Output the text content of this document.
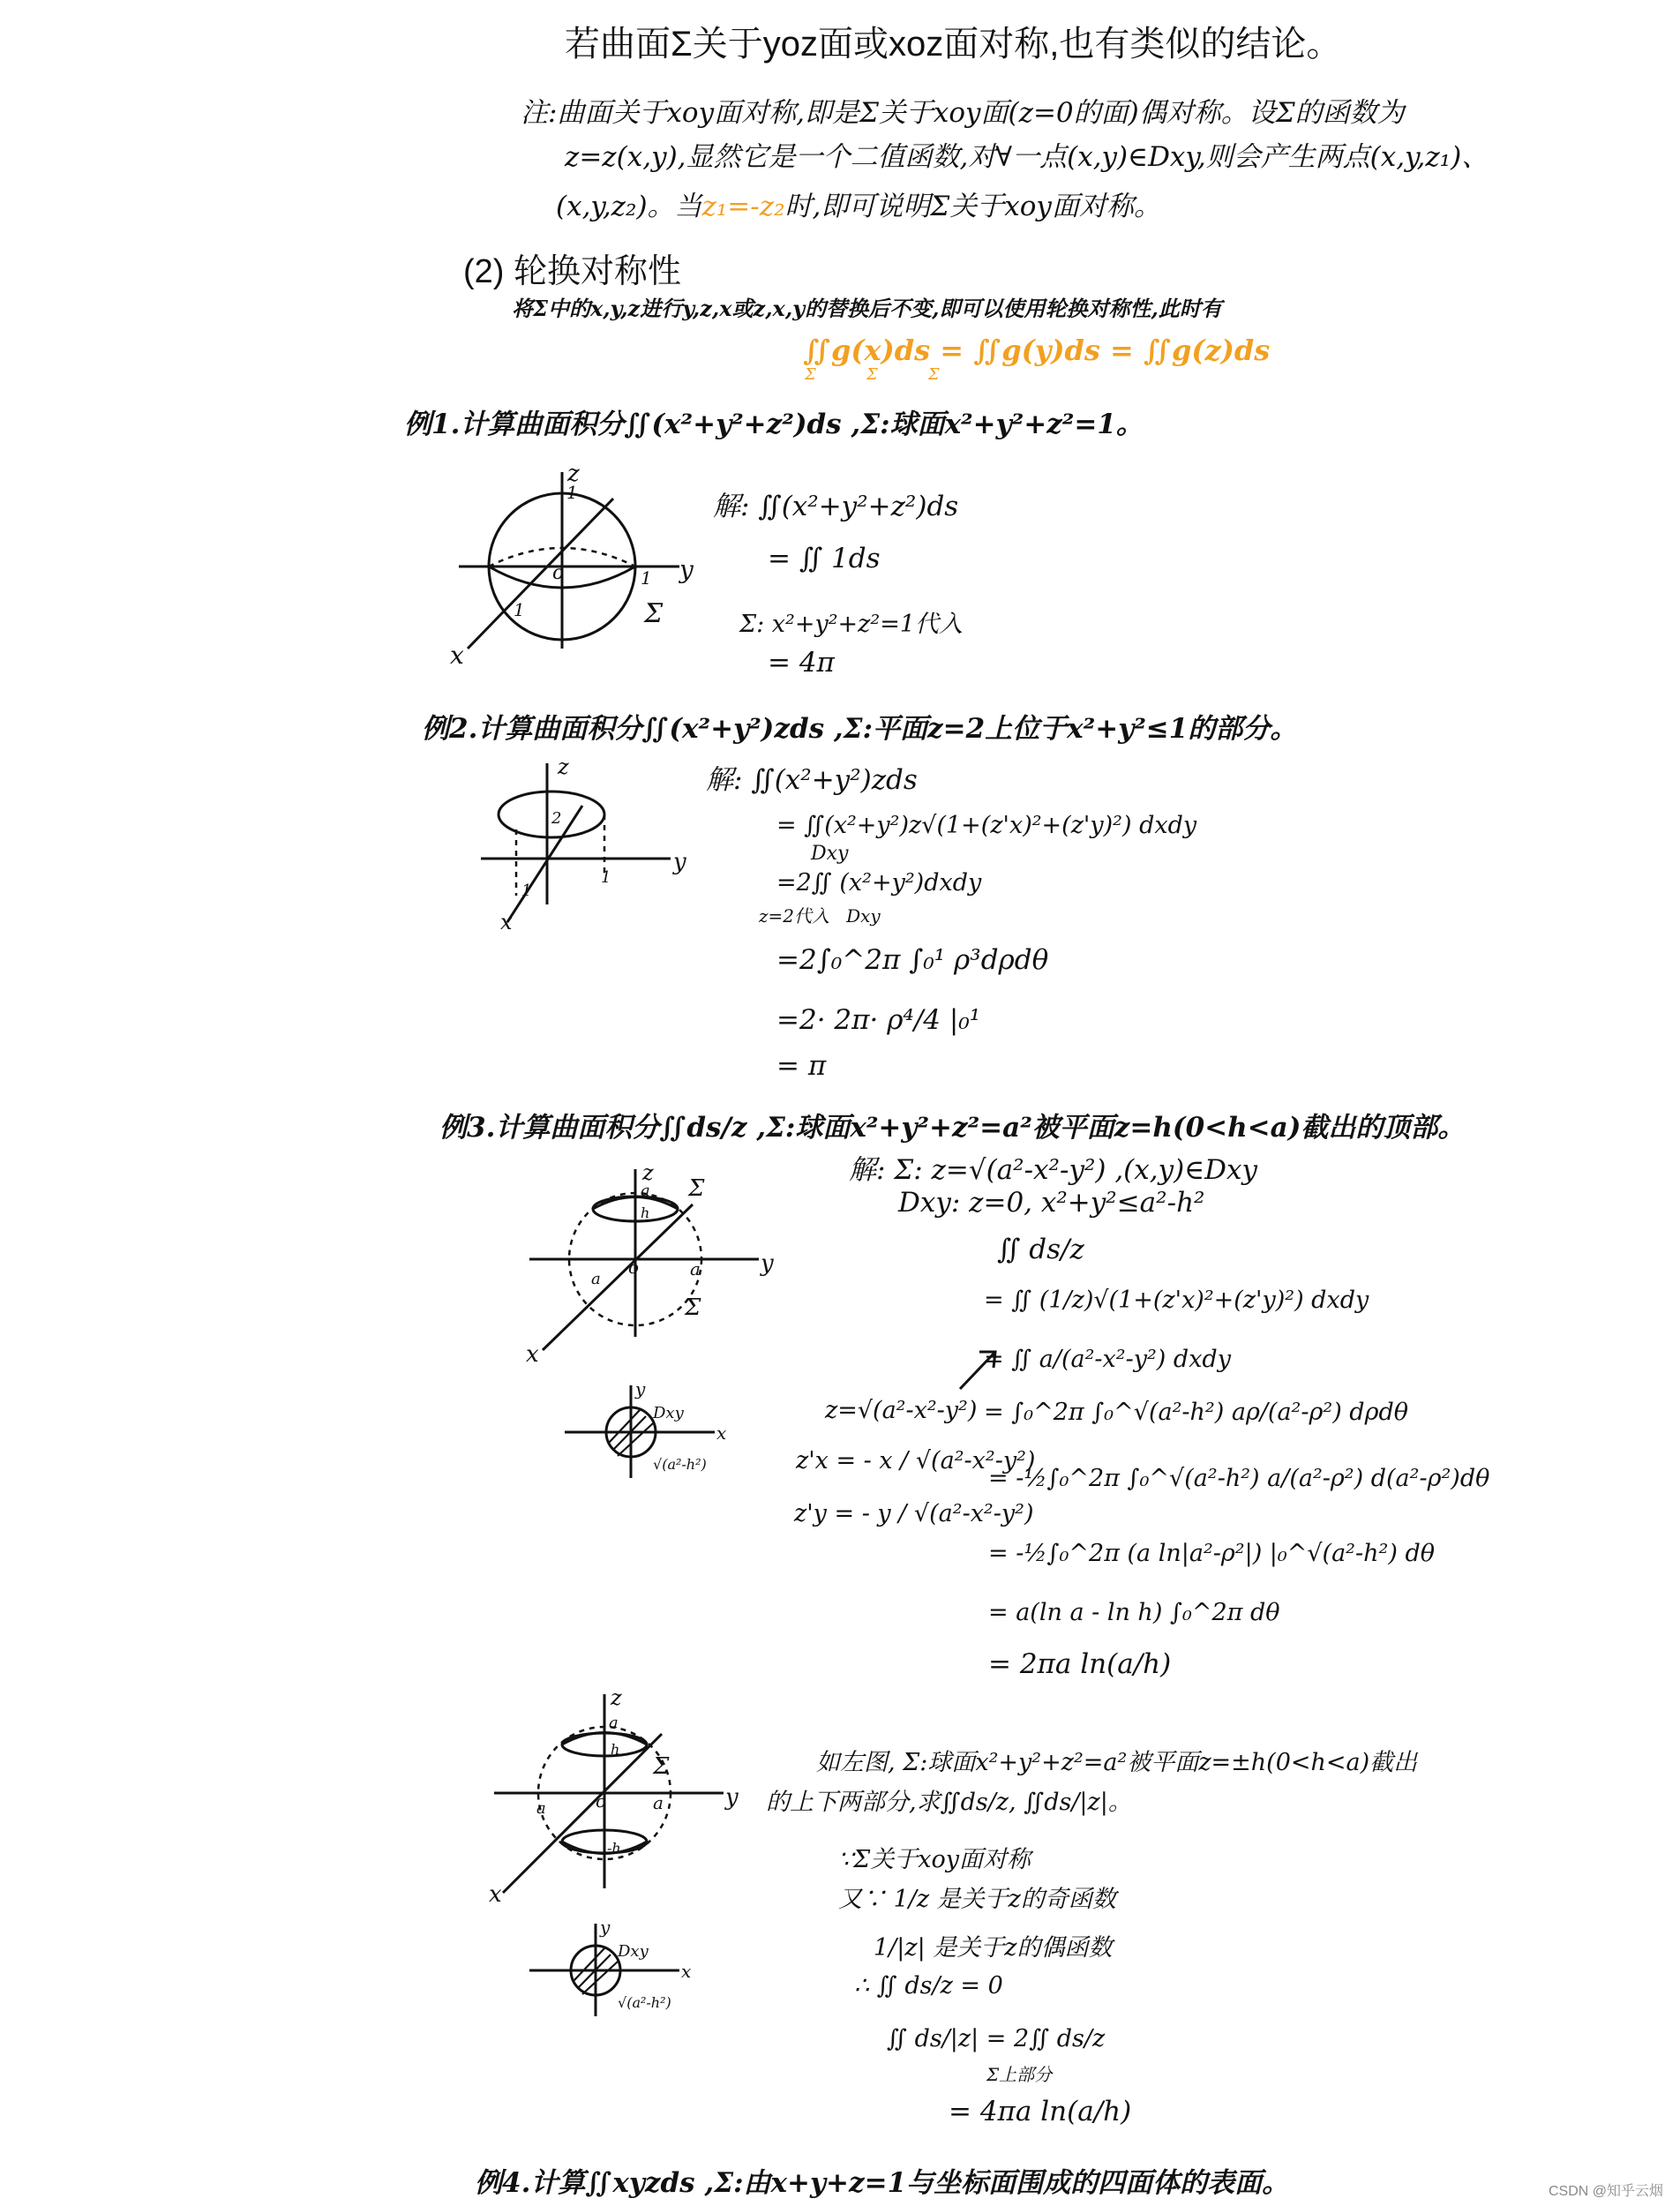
若曲面Σ关于yoz面或xoz面对称,也有类似的结论。
注:曲面关于xoy面对称,即是Σ关于xoy面(z=0的面)偶对称。设Σ的函数为
z=z(x,y),显然它是一个二值函数,对∀一点(x,y)∈Dxy,则会产生两点(x,y,z₁)、
(x,y,z₂)。当z₁=-z₂时,即可说明Σ关于xoy面对称。
(2) 轮换对称性
将Σ中的x,y,z进行y,z,x或z,x,y的替换后不变,即可以使用轮换对称性,此时有
∬g(x)ds = ∬g(y)ds = ∬g(z)ds
Σ          Σ          Σ
例1.计算曲面积分∬(x²+y²+z²)ds ,Σ:球面x²+y²+z²=1。
z
y
x
o
1
1
1	Σ
解: ∬(x²+y²+z²)ds
= ∬ 1ds
Σ: x²+y²+z²=1代入
= 4π
例2.计算曲面积分∬(x²+y²)zds ,Σ:平面z=2上位于x²+y²≤1的部分。
z
y
x
2
1
1
解: ∬(x²+y²)zds
= ∬(x²+y²)z√(1+(z'x)²+(z'y)²) dxdy
Dxy
=2∬ (x²+y²)dxdy
z=2代入   Dxy
=2∫₀^2π ∫₀¹ ρ³dρdθ
=2· 2π· ρ⁴/4 |₀¹
= π
例3.计算曲面积分∬ds/z ,Σ:球面x²+y²+z²=a²被平面z=h(0<h<a)截出的顶部。
z
y
x
o
a
a
a
h
Σ
Σ
y
x
Dxy
√(a²-h²)
解: Σ: z=√(a²-x²-y²) ,(x,y)∈Dxy
Dxy: z=0, x²+y²≤a²-h²
∬ ds/z
= ∬ (1/z)√(1+(z'x)²+(z'y)²) dxdy
= ∬ a/(a²-x²-y²) dxdy
= ∫₀^2π ∫₀^√(a²-h²) aρ/(a²-ρ²) dρdθ
= -½∫₀^2π ∫₀^√(a²-h²) a/(a²-ρ²) d(a²-ρ²)dθ
= -½∫₀^2π (a ln|a²-ρ²|) |₀^√(a²-h²) dθ
= a(ln a - ln h) ∫₀^2π dθ
= 2πa ln(a/h)
z=√(a²-x²-y²)
z'x = - x / √(a²-x²-y²)
z'y = - y / √(a²-x²-y²)
z
y
x
o
a
a
a
h
-h
Σ
y
x
Dxy
√(a²-h²)
如左图, Σ:球面x²+y²+z²=a²被平面z=±h(0<h<a)截出
的上下两部分,求∬ds/z, ∬ds/|z|。
∵Σ关于xoy面对称
又∵ 1/z 是关于z的奇函数
1/|z| 是关于z的偶函数
∴ ∬ ds/z = 0
∬ ds/|z| = 2∬ ds/z
Σ上部分
= 4πa ln(a/h)
例4.计算∬xyzds ,Σ:由x+y+z=1与坐标面围成的四面体的表面。	CSDN @知乎云烟
